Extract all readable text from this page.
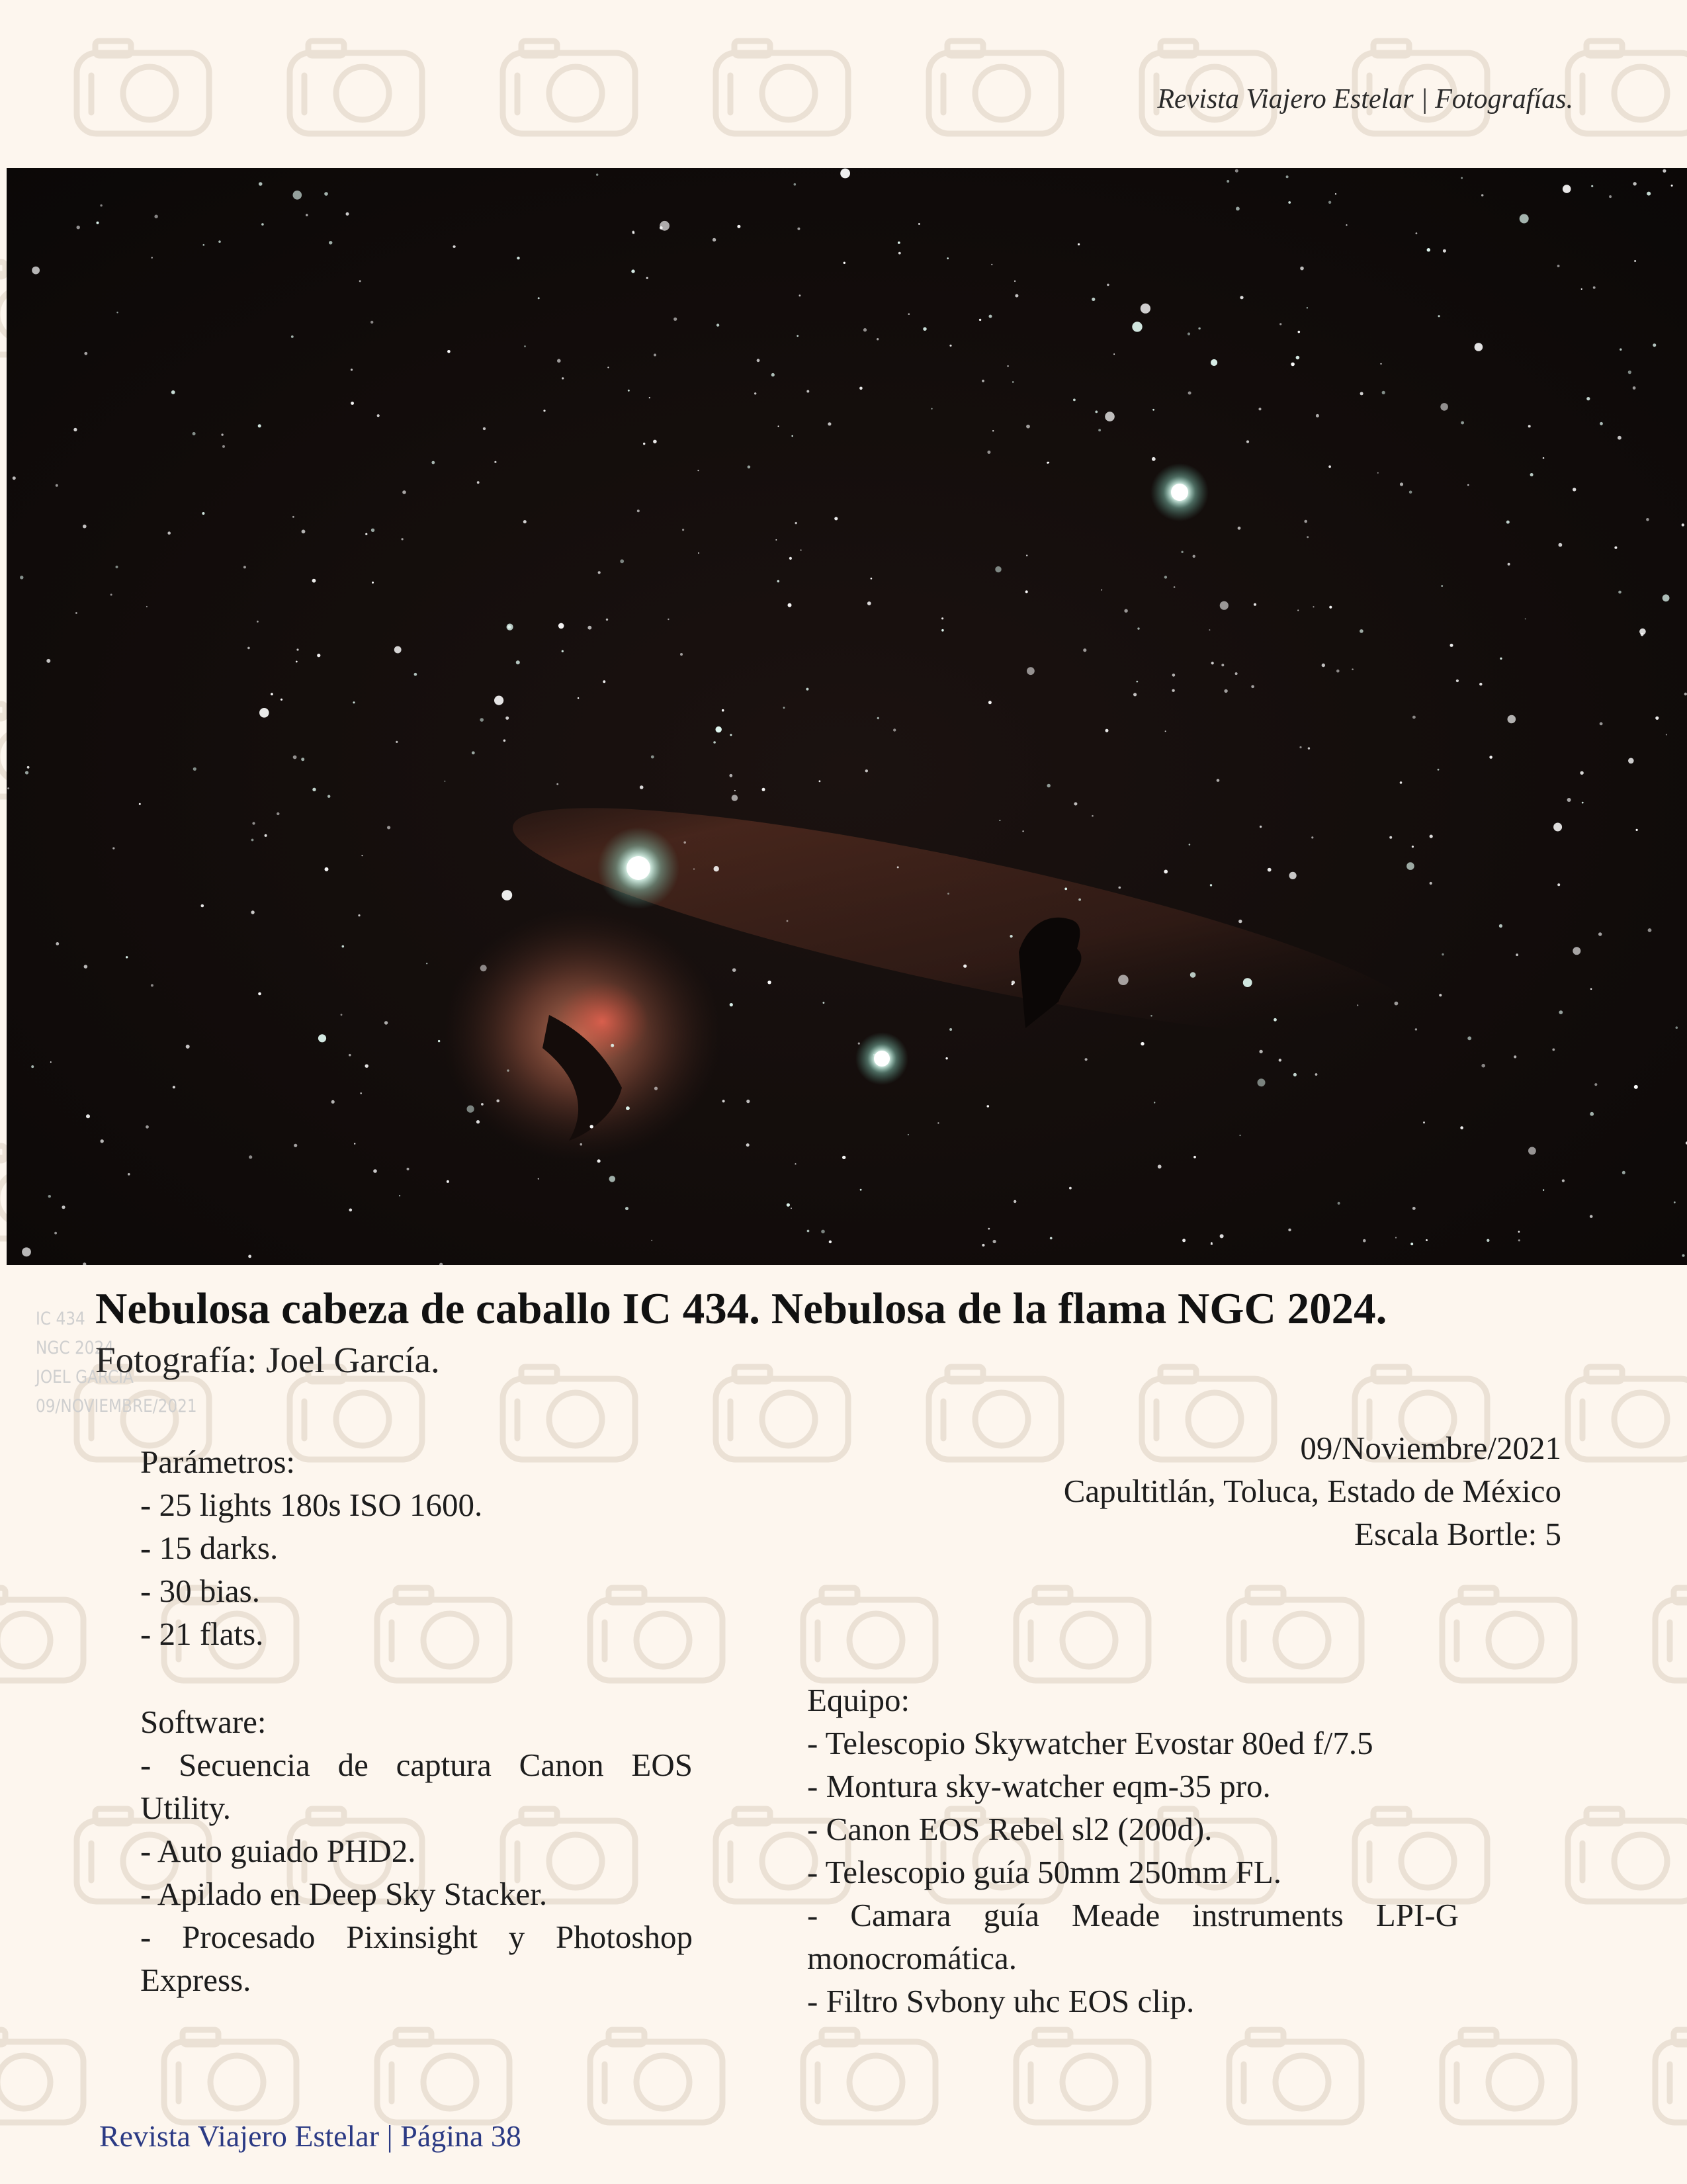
Revista Viajero Estelar | Fotografías.
IC 434
NGC 2024
JOEL GARCÍA
09/NOVIEMBRE/2021
Nebulosa cabeza de caballo IC 434. Nebulosa de la flama NGC 2024.
Fotografía: Joel García.
Parámetros:
- 25 lights 180s ISO 1600.
- 15 darks.
- 30 bias.
- 21 flats.
09/Noviembre/2021
Capultitlán, Toluca, Estado de México
Escala Bortle: 5
Software:
- Secuencia de captura Canon EOS Utility.
- Auto guiado PHD2.
- Apilado en Deep Sky Stacker.
- Procesado Pixinsight y Photoshop Express.
Equipo:
- Telescopio Skywatcher Evostar 80ed f/7.5
- Montura sky-watcher eqm-35 pro.
- Canon EOS Rebel sl2 (200d).
- Telescopio guía 50mm 250mm FL.
- Camara guía Meade instruments LPI-G monocromática.
- Filtro Svbony uhc EOS clip.
Revista Viajero Estelar | Página 38
